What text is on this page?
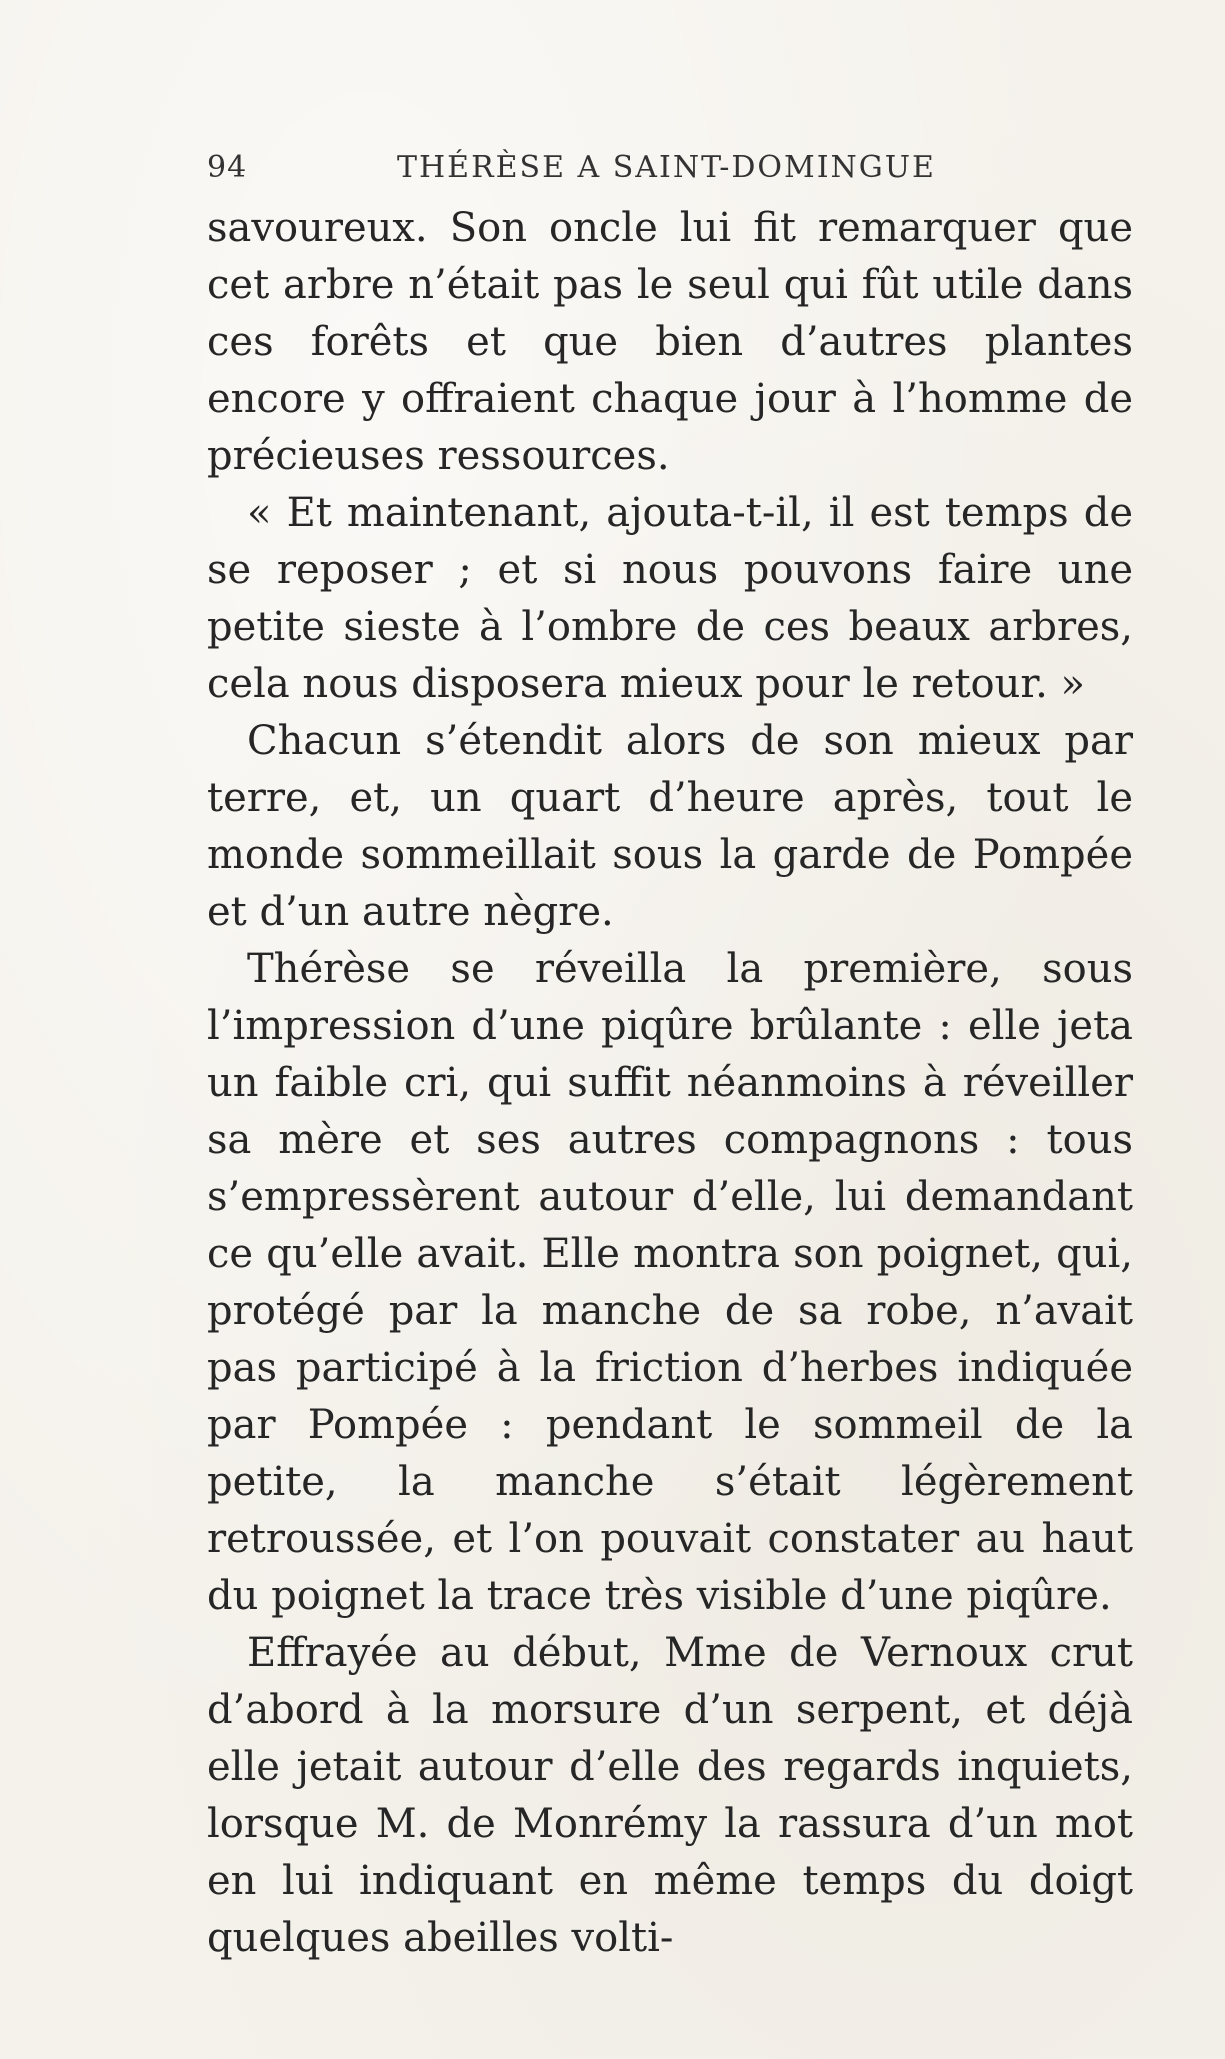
94	THÉRÈSE A SAINT-DOMINGUE

savoureux. Son oncle lui fit remarquer que cet arbre n’était pas le seul qui fût utile dans ces forêts et que bien d’autres plantes encore y offraient chaque jour à l’homme de précieuses ressources.

« Et maintenant, ajouta-t-il, il est temps de se reposer ; et si nous pouvons faire une petite sieste à l’ombre de ces beaux arbres, cela nous disposera mieux pour le retour. »

Chacun s’étendit alors de son mieux par terre, et, un quart d’heure après, tout le monde sommeillait sous la garde de Pompée et d’un autre nègre.

Thérèse se réveilla la première, sous l’impression d’une piqûre brûlante : elle jeta un faible cri, qui suffit néanmoins à réveiller sa mère et ses autres compagnons : tous s’empressèrent autour d’elle, lui demandant ce qu’elle avait. Elle montra son poignet, qui, protégé par la manche de sa robe, n’avait pas participé à la friction d’herbes indiquée par Pompée : pendant le sommeil de la petite, la manche s’était légèrement retroussée, et l’on pouvait constater au haut du poignet la trace très visible d’une piqûre.

Effrayée au début, Mme de Vernoux crut d’abord à la morsure d’un serpent, et déjà elle jetait autour d’elle des regards inquiets, lorsque M. de Monrémy la rassura d’un mot en lui indiquant en même temps du doigt quelques abeilles volti-
